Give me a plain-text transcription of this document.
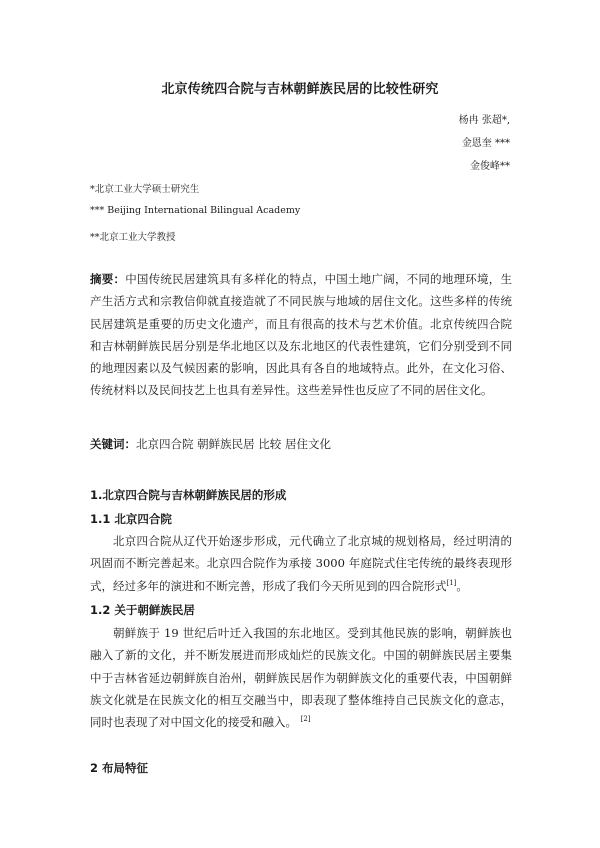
北京传统四合院与吉林朝鲜族民居的比较性研究
杨冉 张超*,
金恩奎 ***
金俊峰**
*北京工业大学硕士研究生
*** Beijing International Bilingual Academy
**北京工业大学教授

摘要：中国传统民居建筑具有多样化的特点，中国土地广阔，不同的地理环境，生产生活方式和宗教信仰就直接造就了不同民族与地域的居住文化。这些多样的传统民居建筑是重要的历史文化遗产，而且有很高的技术与艺术价值。北京传统四合院和吉林朝鲜族民居分别是华北地区以及东北地区的代表性建筑，它们分别受到不同的地理因素以及气候因素的影响，因此具有各自的地域特点。此外，在文化习俗、传统材料以及民间技艺上也具有差异性。这些差异性也反应了不同的居住文化。

关键词：北京四合院 朝鲜族民居 比较 居住文化

1.北京四合院与吉林朝鲜族民居的形成
1.1 北京四合院

北京四合院从辽代开始逐步形成，元代确立了北京城的规划格局，经过明清的巩固而不断完善起来。北京四合院作为承接 3000 年庭院式住宅传统的最终表现形式，经过多年的演进和不断完善，形成了我们今天所见到的四合院形式[1]。

1.2 关于朝鲜族民居

朝鲜族于 19 世纪后叶迁入我国的东北地区。受到其他民族的影响，朝鲜族也融入了新的文化，并不断发展进而形成灿烂的民族文化。中国的朝鲜族民居主要集中于吉林省延边朝鲜族自治州，朝鲜族民居作为朝鲜族文化的重要代表，中国朝鲜族文化就是在民族文化的相互交融当中，即表现了整体维持自己民族文化的意志，同时也表现了对中国文化的接受和融入。 [2]

2 布局特征
